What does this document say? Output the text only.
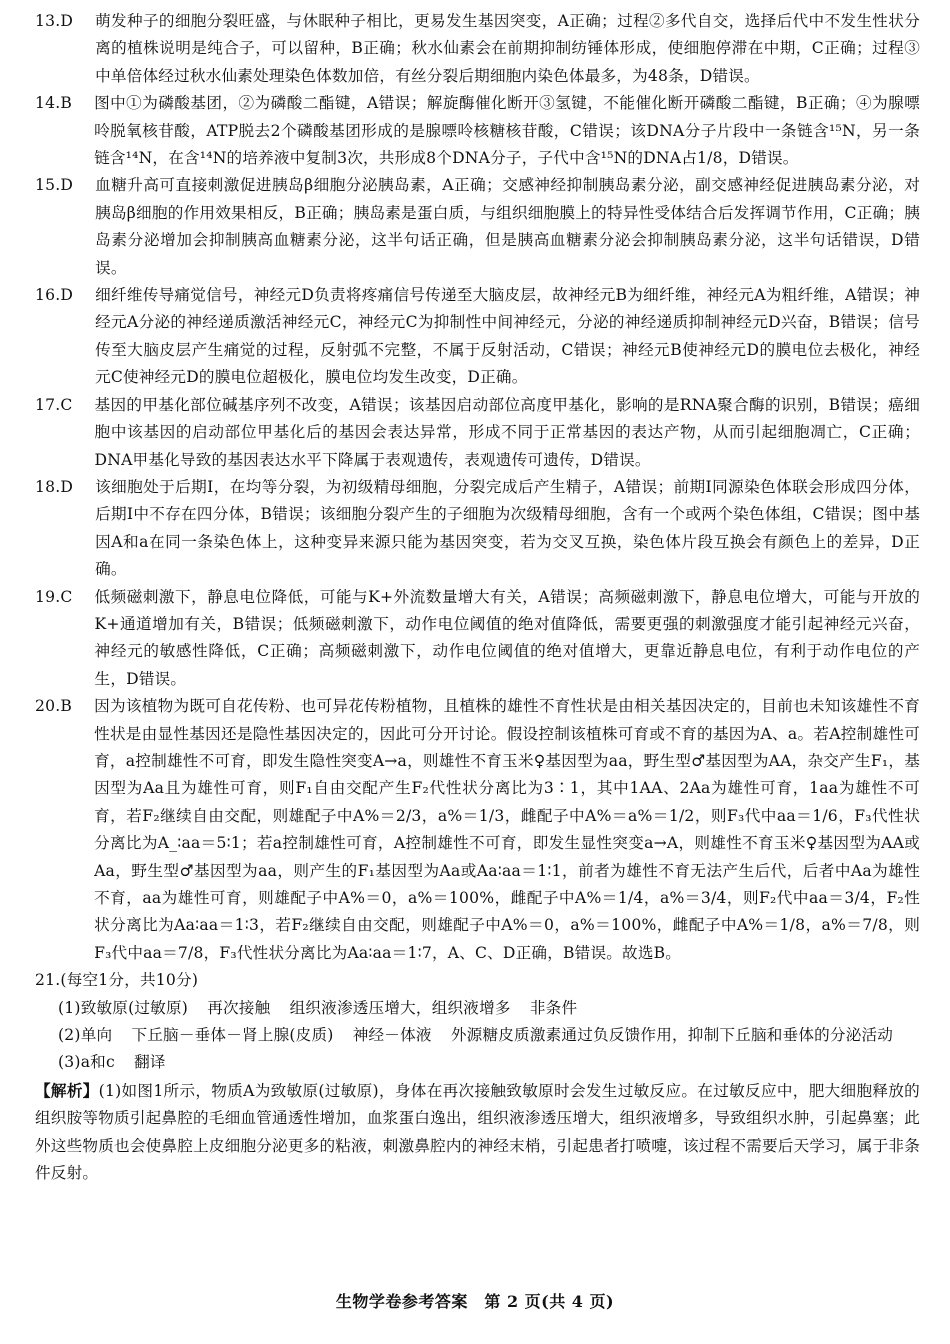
13. D 萌发种子的细胞分裂旺盛，与休眠种子相比，更易发生基因突变，A正确；过程②多代自交，选择后代中不发生性状分离的植株说明是纯合子，可以留种，B正确；秋水仙素会在前期抑制纺锤体形成，使细胞停滞在中期，C正确；过程③中单倍体经过秋水仙素处理染色体数加倍，有丝分裂后期细胞内染色体最多，为48条，D错误。
14. B 图中①为磷酸基团，②为磷酸二酯键，A错误；解旋酶催化断开③氢键，不能催化断开磷酸二酯键，B正确；④为腺嘌呤脱氧核苷酸，ATP脱去2个磷酸基团形成的是腺嘌呤核糖核苷酸，C错误；该DNA分子片段中一条链含¹⁵N，另一条链含¹⁴N，在含¹⁴N的培养液中复制3次，共形成8个DNA分子，子代中含¹⁵N的DNA占1/8，D错误。
15. D 血糖升高可直接刺激促进胰岛β细胞分泌胰岛素，A正确；交感神经抑制胰岛素分泌，副交感神经促进胰岛素分泌，对胰岛β细胞的作用效果相反，B正确；胰岛素是蛋白质，与组织细胞膜上的特异性受体结合后发挥调节作用，C正确；胰岛素分泌增加会抑制胰高血糖素分泌，这半句话正确，但是胰高血糖素分泌会抑制胰岛素分泌，这半句话错误，D错误。
16. D 细纤维传导痛觉信号，神经元D负责将疼痛信号传递至大脑皮层，故神经元B为细纤维，神经元A为粗纤维，A错误；神经元A分泌的神经递质激活神经元C，神经元C为抑制性中间神经元，分泌的神经递质抑制神经元D兴奋，B错误；信号传至大脑皮层产生痛觉的过程，反射弧不完整，不属于反射活动，C错误；神经元B使神经元D的膜电位去极化，神经元C使神经元D的膜电位超极化，膜电位均发生改变，D正确。
17. C 基因的甲基化部位碱基序列不改变，A错误；该基因启动部位高度甲基化，影响的是RNA聚合酶的识别，B错误；癌细胞中该基因的启动部位甲基化后的基因会表达异常，形成不同于正常基因的表达产物，从而引起细胞凋亡，C正确；DNA甲基化导致的基因表达水平下降属于表观遗传，表观遗传可遗传，D错误。
18. D 该细胞处于后期Ⅰ，在均等分裂，为初级精母细胞，分裂完成后产生精子，A错误；前期Ⅰ同源染色体联会形成四分体，后期Ⅰ中不存在四分体，B错误；该细胞分裂产生的子细胞为次级精母细胞，含有一个或两个染色体组，C错误；图中基因A和a在同一条染色体上，这种变异来源只能为基因突变，若为交叉互换，染色体片段互换会有颜色上的差异，D正确。
19. C 低频磁刺激下，静息电位降低，可能与K+外流数量增大有关，A错误；高频磁刺激下，静息电位增大，可能与开放的K+通道增加有关，B错误；低频磁刺激下，动作电位阈值的绝对值降低，需要更强的刺激强度才能引起神经元兴奋，神经元的敏感性降低，C正确；高频磁刺激下，动作电位阈值的绝对值增大，更靠近静息电位，有利于动作电位的产生，D错误。
20. B 因为该植物为既可自花传粉、也可异花传粉植物，且植株的雄性不育性状是由相关基因决定的，目前也未知该雄性不育性状是由显性基因还是隐性基因决定的，因此可分开讨论。假设控制该植株可育或不育的基因为A、a。若A控制雄性可育，a控制雄性不可育，即发生隐性突变A→a，则雄性不育玉米♀基因型为aa，野生型♂基因型为AA，杂交产生F₁，基因型为Aa且为雄性可育，则F₁自由交配产生F₂代性状分离比为3∶1，其中1AA、2Aa为雄性可育，1aa为雄性不可育，若F₂继续自由交配，则雄配子中A%＝2/3，a%＝1/3，雌配子中A%＝a%＝1/2，则F₃代中aa＝1/6，F₃代性状分离比为A_∶aa＝5∶1；若a控制雄性可育，A控制雄性不可育，即发生显性突变a→A，则雄性不育玉米♀基因型为AA或Aa，野生型♂基因型为aa，则产生的F₁基因型为Aa或Aa∶aa＝1∶1，前者为雄性不育无法产生后代，后者中Aa为雄性不育，aa为雄性可育，则雄配子中A%＝0，a%＝100%，雌配子中A%＝1/4，a%＝3/4，则F₂代中aa＝3/4，F₂性状分离比为Aa∶aa＝1∶3，若F₂继续自由交配，则雄配子中A%＝0，a%＝100%，雌配子中A%＝1/8，a%＝7/8，则F₃代中aa＝7/8，F₃代性状分离比为Aa∶aa＝1∶7，A、C、D正确，B错误。故选B。
21. (每空1分，共10分)
(1)致敏原(过敏原) 再次接触 组织液渗透压增大，组织液增多 非条件
(2)单向 下丘脑－垂体－肾上腺(皮质) 神经－体液 外源糖皮质激素通过负反馈作用，抑制下丘脑和垂体的分泌活动
(3)a和c 翻译
【解析】(1)如图1所示，物质A为致敏原(过敏原)，身体在再次接触致敏原时会发生过敏反应。在过敏反应中，肥大细胞释放的组织胺等物质引起鼻腔的毛细血管通透性增加，血浆蛋白逸出，组织液渗透压增大，组织液增多，导致组织水肿，引起鼻塞；此外这些物质也会使鼻腔上皮细胞分泌更多的粘液，刺激鼻腔内的神经末梢，引起患者打喷嚏，该过程不需要后天学习，属于非条件反射。
生物学卷参考答案　第 2 页(共 4 页)
